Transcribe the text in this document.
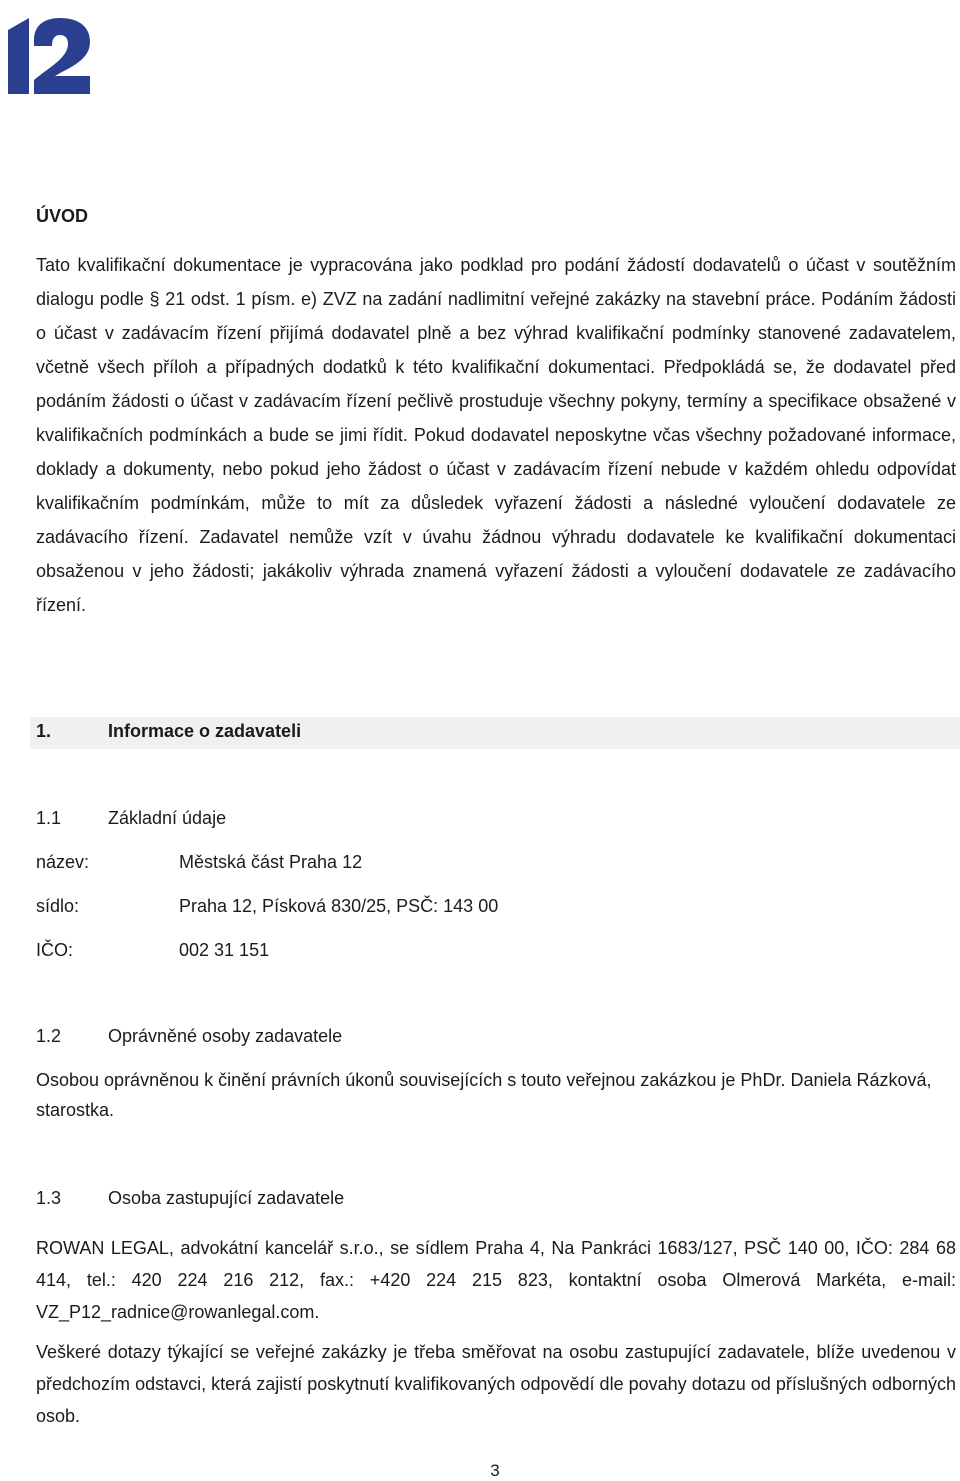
ÚVOD

Tato kvalifikační dokumentace je vypracována jako podklad pro podání žádostí dodavatelů o účast v soutěžním dialogu podle § 21 odst. 1 písm. e) ZVZ na zadání nadlimitní veřejné zakázky na stavební práce. Podáním žádosti o účast v zadávacím řízení přijímá dodavatel plně a bez výhrad kvalifikační podmínky stanovené zadavatelem, včetně všech příloh a případných dodatků k této kvalifikační dokumentaci. Předpokládá se, že dodavatel před podáním žádosti o účast v zadávacím řízení pečlivě prostuduje všechny pokyny, termíny a specifikace obsažené v kvalifikačních podmínkách a bude se jimi řídit. Pokud dodavatel neposkytne včas všechny požadované informace, doklady a dokumenty, nebo pokud jeho žádost o účast v zadávacím řízení nebude v každém ohledu odpovídat kvalifikačním podmínkám, může to mít za důsledek vyřazení žádosti a následné vyloučení dodavatele ze zadávacího řízení. Zadavatel nemůže vzít v úvahu žádnou výhradu dodavatele ke kvalifikační dokumentaci obsaženou v jeho žádosti; jakákoliv výhrada znamená vyřazení žádosti a vyloučení dodavatele ze zadávacího řízení.

1.	Informace o zadavateli
1.1	Základní údaje
název:	Městská část Praha 12
sídlo:	Praha 12, Písková 830/25, PSČ: 143 00
IČO:	002 31 151
1.2	Oprávněné osoby zadavatele

Osobou oprávněnou k činění právních úkonů souvisejících s touto veřejnou zakázkou je PhDr. Daniela Rázková, starostka.

1.3	Osoba zastupující zadavatele

ROWAN LEGAL, advokátní kancelář s.r.o., se sídlem Praha 4, Na Pankráci 1683/127, PSČ 140 00, IČO: 284 68 414, tel.: 420 224 216 212, fax.: +420 224 215 823, kontaktní osoba Olmerová Markéta, e-mail: VZ_P12_radnice@rowanlegal.com.

Veškeré dotazy týkající se veřejné zakázky je třeba směřovat na osobu zastupující zadavatele, blíže uvedenou v předchozím odstavci, která zajistí poskytnutí kvalifikovaných odpovědí dle povahy dotazu od příslušných odborných osob.

3
